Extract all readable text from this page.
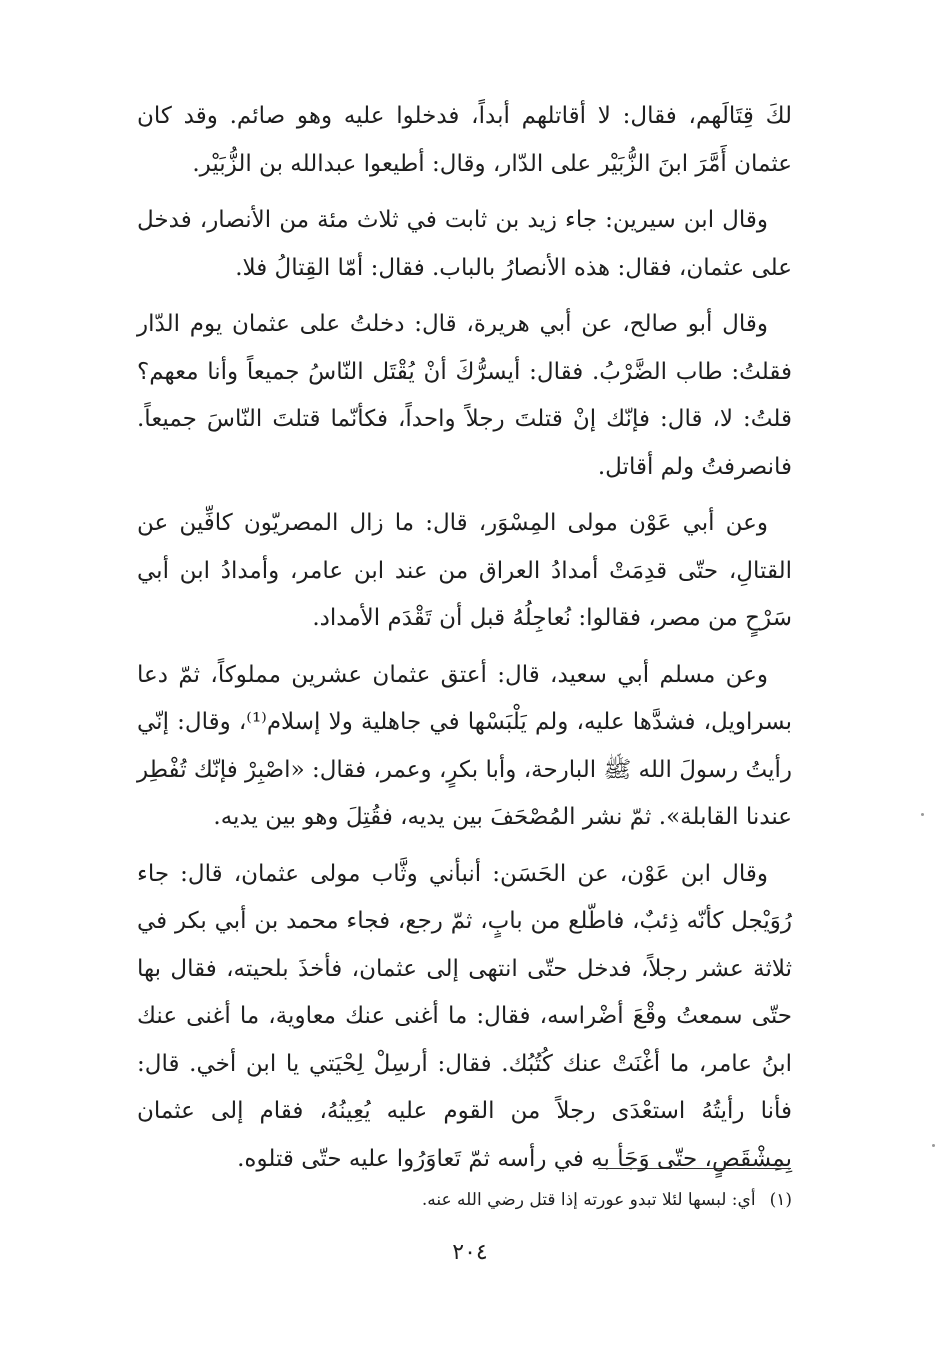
لكَ قِتَالَهم، فقال: لا أقاتلهم أبداً، فدخلوا عليه وهو صائم. وقد كان عثمان أَمَّرَ ابنَ الزُّبَيْر على الدّار، وقال: أطيعوا عبدالله بن الزُّبَيْر.

وقال ابن سيرين: جاء زيد بن ثابت في ثلاث مئة من الأنصار، فدخل على عثمان، فقال: هذه الأنصارُ بالباب. فقال: أمّا القِتالُ فلا.

وقال أبو صالح، عن أبي هريرة، قال: دخلتُ على عثمان يوم الدّار فقلتُ: طاب الضَّرْبُ. فقال: أيسرُّكَ أنْ يُقْتَل النّاسُ جميعاً وأنا معهم؟ قلتُ: لا، قال: فإنّك إنْ قتلتَ رجلاً واحداً، فكأنّما قتلتَ النّاسَ جميعاً. فانصرفتُ ولم أقاتل.

وعن أبي عَوْن مولى المِسْوَر، قال: ما زال المصريّون كافِّين عن القتالِ، حتّى قدِمَتْ أمدادُ العراق من عند ابن عامر، وأمدادُ ابن أبي سَرْحٍ من مصر، فقالوا: نُعاجِلُهُ قبل أن تَقْدَم الأمداد.

وعن مسلم أبي سعيد، قال: أعتق عثمان عشرين مملوكاً، ثمّ دعا بسراويل، فشدَّها عليه، ولم يَلْبَسْها في جاهلية ولا إسلام⁽¹⁾، وقال: إنّي رأيتُ رسولَ الله ﷺ البارحة، وأبا بكرٍ، وعمر، فقال: «اصْبِرْ فإنّك تُفْطِر عندنا القابلة». ثمّ نشر المُصْحَفَ بين يديه، فقُتِلَ وهو بين يديه.

وقال ابن عَوْن، عن الحَسَن: أنبأني وثَّاب مولى عثمان، قال: جاء رُوَيْجل كأنّه ذِئبٌ، فاطّلع من بابٍ، ثمّ رجع، فجاء محمد بن أبي بكر في ثلاثة عشر رجلاً، فدخل حتّى انتهى إلى عثمان، فأخذَ بلحيته، فقال بها حتّى سمعتُ وقْعَ أضْراسه، فقال: ما أغنى عنك معاوية، ما أغنى عنك ابنُ عامر، ما أغْنَتْ عنك كُتُبُك. فقال: أرسِلْ لِحْيَتي يا ابن أخي. قال: فأنا رأيتُهُ استعْدَى رجلاً من القوم عليه يُعِينُهُ، فقام إلى عثمان بِمِشْقَصٍ، حتّى وَجَأ به في رأسه ثمّ تَعاوَرُوا عليه حتّى قتلوه.

(١)أي: لبسها لئلا تبدو عورته إذا قتل رضي الله عنه.
٢٠٤
